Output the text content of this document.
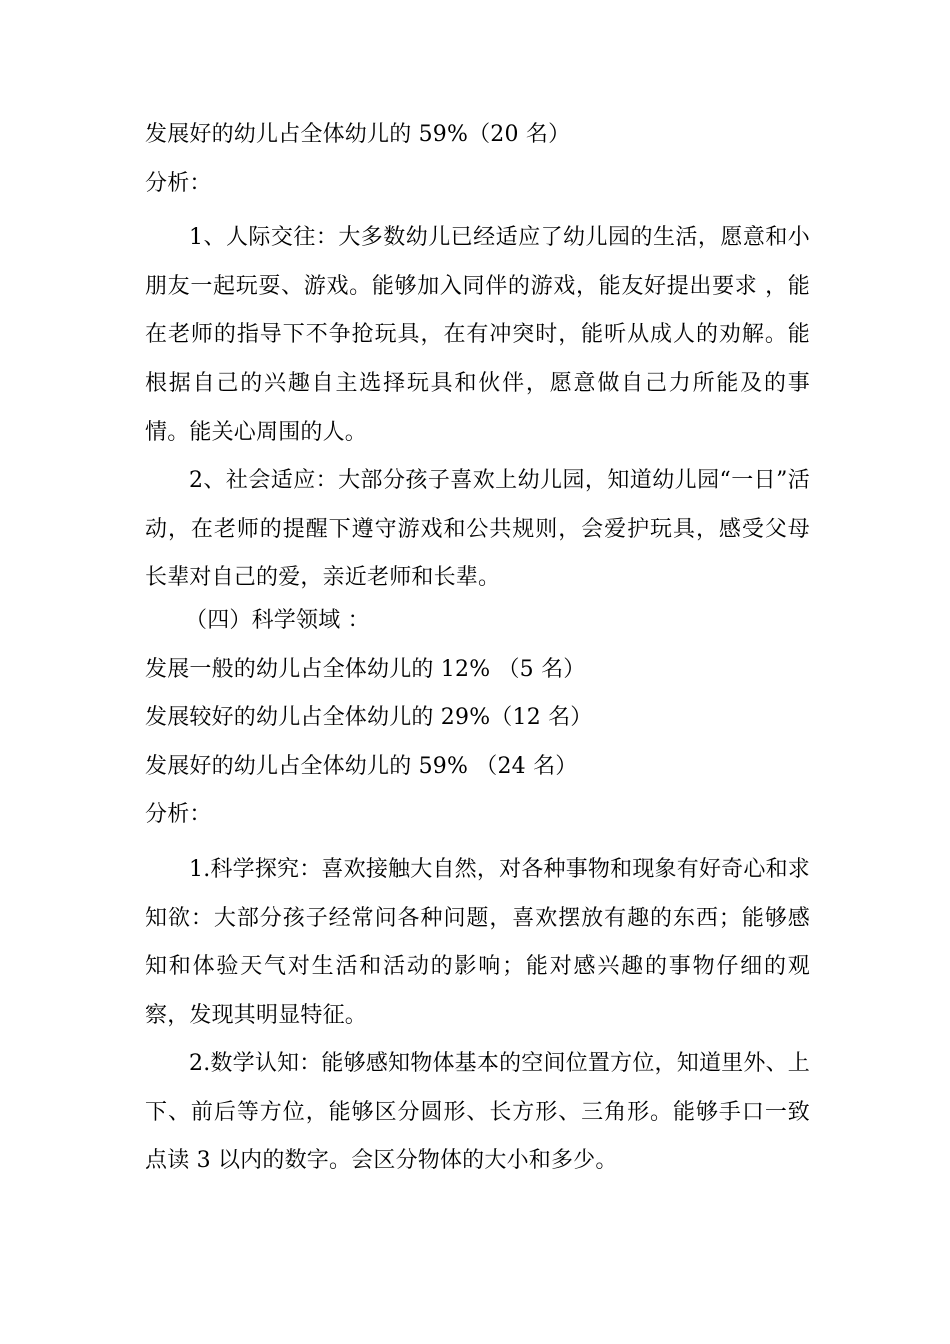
发展好的幼儿占全体幼儿的 59%（20 名）
分析：

1、人际交往：大多数幼儿已经适应了幼儿园的生活，愿意和小朋友一起玩耍、游戏。能够加入同伴的游戏，能友好提出要求 ，能在老师的指导下不争抢玩具，在有冲突时，能听从成人的劝解。能根据自己的兴趣自主选择玩具和伙伴，愿意做自己力所能及的事情。能关心周围的人。

2、社会适应：大部分孩子喜欢上幼儿园，知道幼儿园“一日”活动，在老师的提醒下遵守游戏和公共规则，会爱护玩具，感受父母长辈对自己的爱，亲近老师和长辈。

（四）科学领域 ：
发展一般的幼儿占全体幼儿的 12% （5 名）
发展较好的幼儿占全体幼儿的 29%（12 名）
发展好的幼儿占全体幼儿的 59% （24 名）
分析：

1.科学探究：喜欢接触大自然，对各种事物和现象有好奇心和求知欲：大部分孩子经常问各种问题，喜欢摆放有趣的东西；能够感知和体验天气对生活和活动的影响；能对感兴趣的事物仔细的观察，发现其明显特征。

2.数学认知：能够感知物体基本的空间位置方位，知道里外、上下、前后等方位，能够区分圆形、长方形、三角形。能够手口一致点读 3 以内的数字。会区分物体的大小和多少。
